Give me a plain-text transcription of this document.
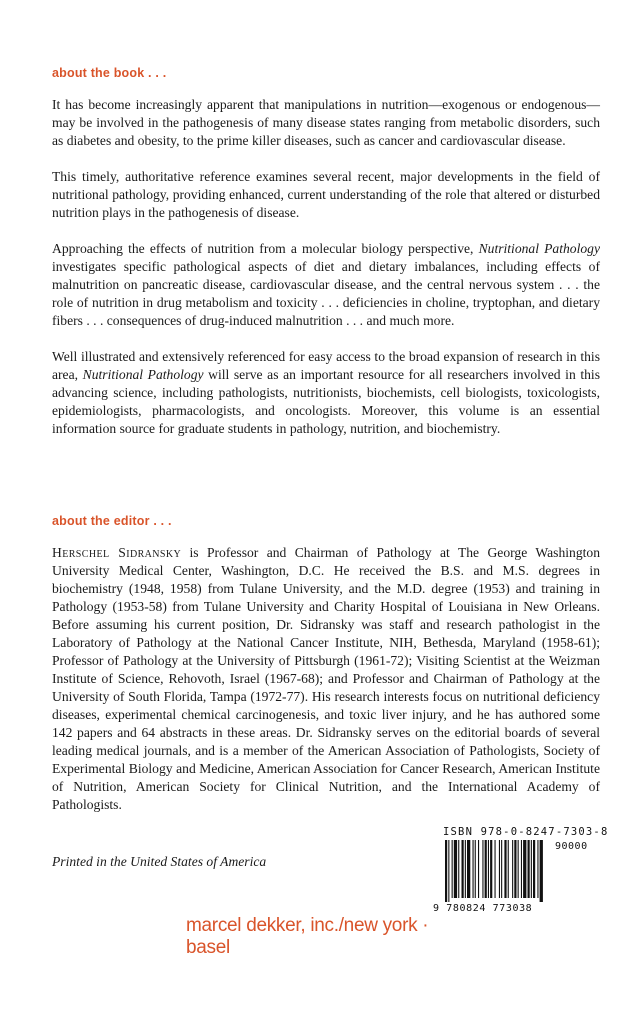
about the book . . .

It has become increasingly apparent that manipulations in nutrition—exogenous or endogenous—may be involved in the pathogenesis of many disease states ranging from metabolic disorders, such as diabetes and obesity, to the prime killer diseases, such as cancer and cardiovascular disease.

This timely, authoritative reference examines several recent, major developments in the field of nutritional pathology, providing enhanced, current understanding of the role that altered or disturbed nutrition plays in the pathogenesis of disease.

Approaching the effects of nutrition from a molecular biology perspective, Nutritional Pathology investigates specific pathological aspects of diet and dietary imbalances, including effects of malnutrition on pancreatic disease, cardiovascular disease, and the central nervous system . . . the role of nutrition in drug metabolism and toxicity . . . deficiencies in choline, tryptophan, and dietary fibers . . . consequences of drug-induced malnutrition . . . and much more.

Well illustrated and extensively referenced for easy access to the broad expansion of research in this area, Nutritional Pathology will serve as an important resource for all researchers involved in this advancing science, including pathologists, nutritionists, biochemists, cell biologists, toxicologists, epidemiologists, pharmacologists, and oncologists. Moreover, this volume is an essential information source for graduate students in pathology, nutrition, and biochemistry.

about the editor . . .

Herschel Sidransky is Professor and Chairman of Pathology at The George Washington University Medical Center, Washington, D.C. He received the B.S. and M.S. degrees in biochemistry (1948, 1958) from Tulane University, and the M.D. degree (1953) and training in Pathology (1953-58) from Tulane University and Charity Hospital of Louisiana in New Orleans. Before assuming his current position, Dr. Sidransky was staff and research pathologist in the Laboratory of Pathology at the National Cancer Institute, NIH, Bethesda, Maryland (1958-61); Professor of Pathology at the University of Pittsburgh (1961-72); Visiting Scientist at the Weizman Institute of Science, Rehovoth, Israel (1967-68); and Professor and Chairman of Pathology at the University of South Florida, Tampa (1972-77). His research interests focus on nutritional deficiency diseases, experimental chemical carcinogenesis, and toxic liver injury, and he has authored some 142 papers and 64 abstracts in these areas. Dr. Sidransky serves on the editorial boards of several leading medical journals, and is a member of the American Association of Pathologists, Society of Experimental Biology and Medicine, American Association for Cancer Research, American Institute of Nutrition, American Society for Clinical Nutrition, and the International Academy of Pathologists.

Printed in the United States of America
ISBN 978-0-8247-7303-8
90000
9 780824 773038
marcel dekker, inc./new york · basel
